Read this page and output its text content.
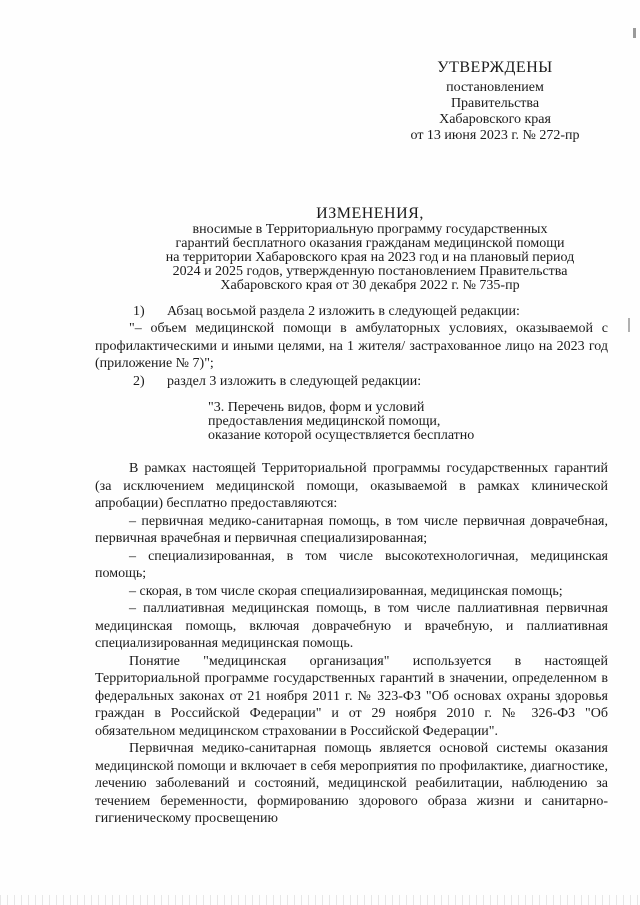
УТВЕРЖДЕНЫ
постановлением
Правительства
Хабаровского края
от 13 июня 2023 г. № 272-пр
ИЗМЕНЕНИЯ,
вносимые в Территориальную программу государственных
гарантий бесплатного оказания гражданам медицинской помощи
на территории Хабаровского края на 2023 год и на плановый период
2024 и 2025 годов, утвержденную постановлением Правительства
Хабаровского края от 30 декабря 2022 г. № 735-пр
1)	Абзац восьмой раздела 2 изложить в следующей редакции:

"– объем медицинской помощи в амбулаторных условиях, оказываемой с профилактическими и иными целями, на 1 жителя/ застрахованное лицо на 2023 год (приложение № 7)";

2)	раздел 3 изложить в следующей редакции:
"3. Перечень видов, форм и условий
предоставления медицинской помощи,
оказание которой осуществляется бесплатно

В рамках настоящей Территориальной программы государственных гарантий (за исключением медицинской помощи, оказываемой в рамках клинической апробации) бесплатно предоставляются:

– первичная медико-санитарная помощь, в том числе первичная доврачебная, первичная врачебная и первичная специализированная;

– специализированная, в том числе высокотехнологичная, медицинская помощь;

– скорая, в том числе скорая специализированная, медицинская помощь;

– паллиативная медицинская помощь, в том числе паллиативная первичная медицинская помощь, включая доврачебную и врачебную, и паллиативная специализированная медицинская помощь.

Понятие "медицинская организация" используется в настоящей Территориальной программе государственных гарантий в значении, определенном в федеральных законах от 21 ноября 2011 г. № 323-ФЗ "Об основах охраны здоровья граждан в Российской Федерации" и от 29 ноября 2010 г. № 326-ФЗ "Об обязательном медицинском страховании в Российской Федерации".

Первичная медико-санитарная помощь является основой системы оказания медицинской помощи и включает в себя мероприятия по профилактике, диагностике, лечению заболеваний и состояний, медицинской реабилитации, наблюдению за течением беременности, формированию здорового образа жизни и санитарно-гигиеническому просвещению
